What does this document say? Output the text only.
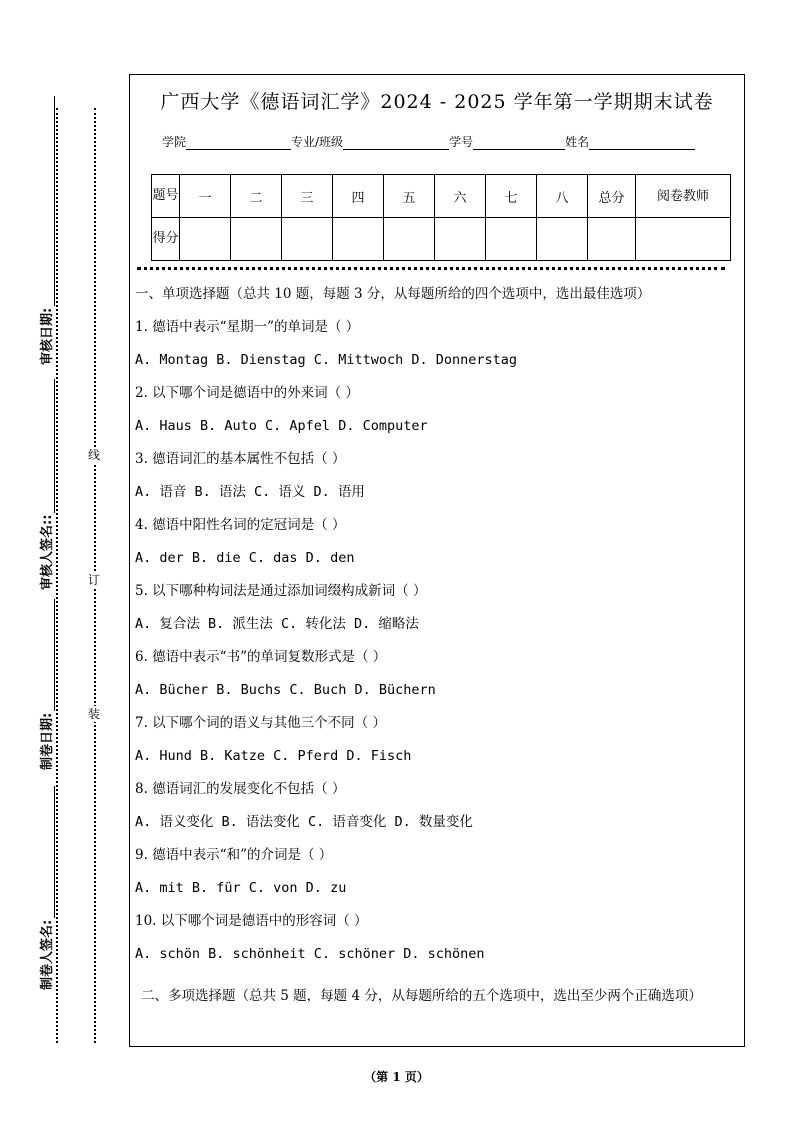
线
订
装
审核日期:
审核人签名::
制卷日期:
制卷人签名:
广西大学《德语词汇学》2024 - 2025 学年第一学期期末试卷
学院	专业/班级	学号	姓名
题号	一	二	三	四	五	六	七	八	总分	阅卷教师
得分										
一、单项选择题（总共 10 题，每题 3 分，从每题所给的四个选项中，选出最佳选项）
1. 德语中表示“星期一”的单词是（ ）
A. Montag B. Dienstag C. Mittwoch D. Donnerstag
2. 以下哪个词是德语中的外来词（ ）
A. Haus B. Auto C. Apfel D. Computer
3. 德语词汇的基本属性不包括（ ）
A. 语音 B. 语法 C. 语义 D. 语用
4. 德语中阳性名词的定冠词是（ ）
A. der B. die C. das D. den
5. 以下哪种构词法是通过添加词缀构成新词（ ）
A. 复合法 B. 派生法 C. 转化法 D. 缩略法
6. 德语中表示“书”的单词复数形式是（ ）
A. Bücher B. Buchs C. Buch D. Büchern
7. 以下哪个词的语义与其他三个不同（ ）
A. Hund B. Katze C. Pferd D. Fisch
8. 德语词汇的发展变化不包括（ ）
A. 语义变化 B. 语法变化 C. 语音变化 D. 数量变化
9. 德语中表示“和”的介词是（ ）
A. mit B. für C. von D. zu
10. 以下哪个词是德语中的形容词（ ）
A. schön B. schönheit C. schöner D. schönen
二、多项选择题（总共 5 题，每题 4 分，从每题所给的五个选项中，选出至少两个正确选项）
（第 1 页）
